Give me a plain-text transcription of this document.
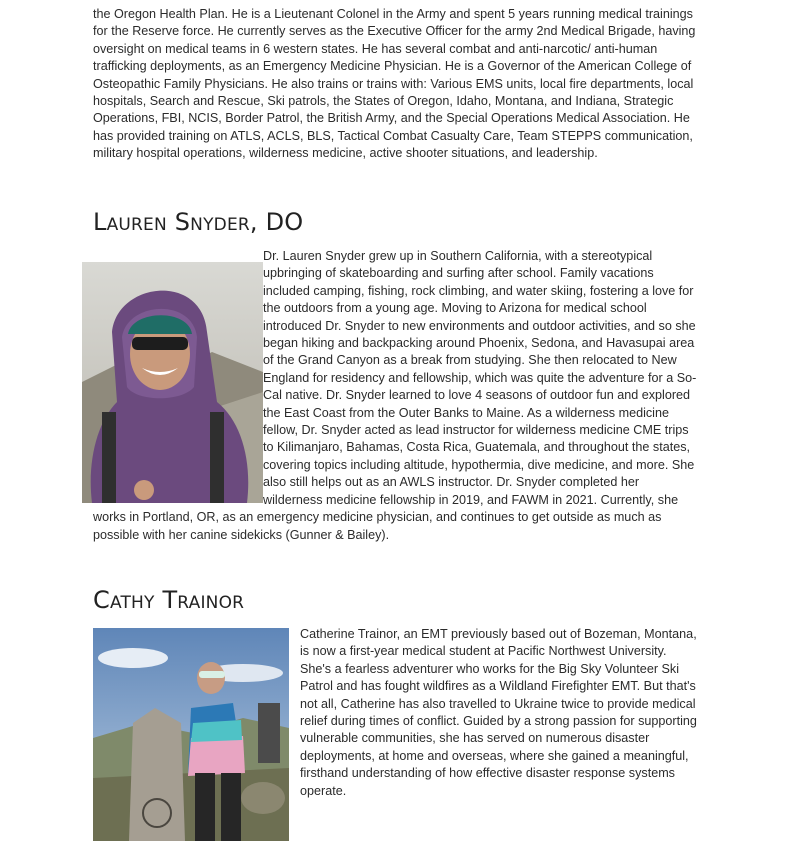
the Oregon Health Plan. He is a Lieutenant Colonel in the Army and spent 5 years running medical trainings for the Reserve force. He currently serves as the Executive Officer for the army 2nd Medical Brigade, having oversight on medical teams in 6 western states. He has several combat and anti-narcotic/ anti-human trafficking deployments, as an Emergency Medicine Physician. He is a Governor of the American College of Osteopathic Family Physicians. He also trains or trains with: Various EMS units, local fire departments, local hospitals, Search and Rescue, Ski patrols, the States of Oregon, Idaho, Montana, and Indiana, Strategic Operations, FBI, NCIS, Border Patrol, the British Army, and the Special Operations Medical Association. He has provided training on ATLS, ACLS, BLS, Tactical Combat Casualty Care, Team STEPPS communication, military hospital operations, wilderness medicine, active shooter situations, and leadership.

Lauren Snyder, DO

Dr. Lauren Snyder grew up in Southern California, with a stereotypical upbringing of skateboarding and surfing after school. Family vacations included camping, fishing, rock climbing, and water skiing, fostering a love for the outdoors from a young age. Moving to Arizona for medical school introduced Dr. Snyder to new environments and outdoor activities, and so she began hiking and backpacking around Phoenix, Sedona, and Havasupai area of the Grand Canyon as a break from studying. She then relocated to New England for residency and fellowship, which was quite the adventure for a So-Cal native. Dr. Snyder learned to love 4 seasons of outdoor fun and explored the East Coast from the Outer Banks to Maine. As a wilderness medicine fellow, Dr. Snyder acted as lead instructor for wilderness medicine CME trips to Kilimanjaro, Bahamas, Costa Rica, Guatemala, and throughout the states, covering topics including altitude, hypothermia, dive medicine, and more. She also still helps out as an AWLS instructor. Dr. Snyder completed her wilderness medicine fellowship in 2019, and FAWM in 2021. Currently, she works in Portland, OR, as an emergency medicine physician, and continues to get outside as much as possible with her canine sidekicks (Gunner & Bailey).

Cathy Trainor

Catherine Trainor, an EMT previously based out of Bozeman, Montana, is now a first-year medical student at Pacific Northwest University. She's a fearless adventurer who works for the Big Sky Volunteer Ski Patrol and has fought wildfires as a Wildland Firefighter EMT. But that's not all, Catherine has also travelled to Ukraine twice to provide medical relief during times of conflict. Guided by a strong passion for supporting vulnerable communities, she has served on numerous disaster deployments, at home and overseas, where she gained a meaningful, firsthand understanding of how effective disaster response systems operate.
